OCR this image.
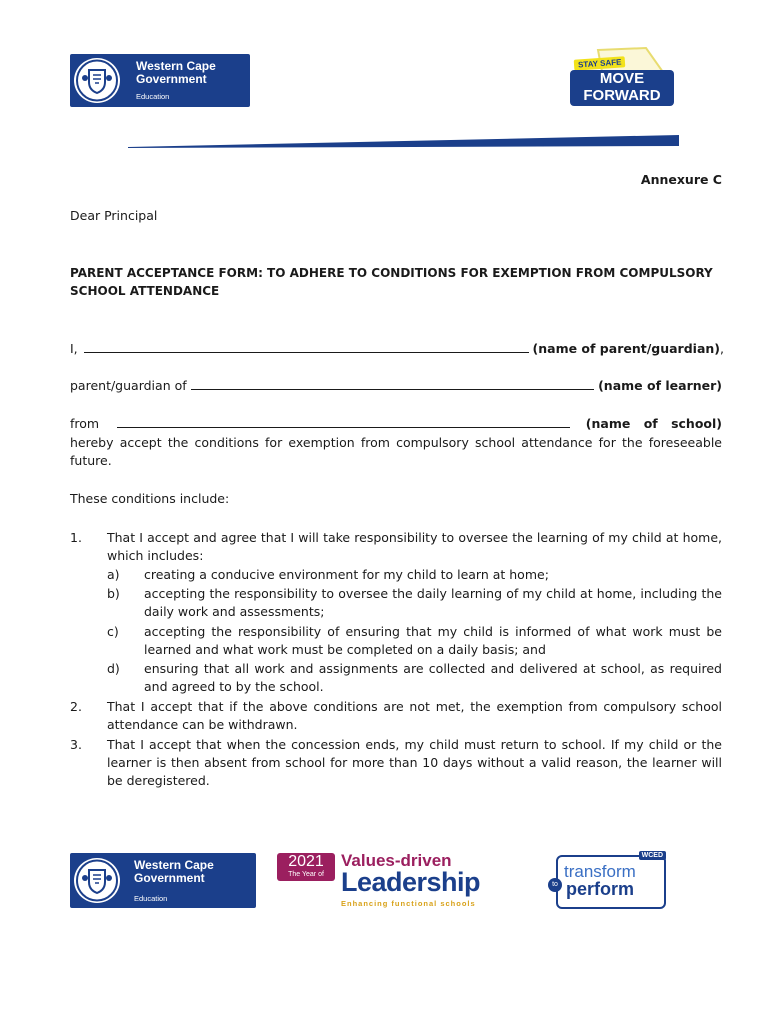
Western Cape
Government
Education
STAY SAFE
MOVE
FORWARD
Annexure C
Dear Principal
PARENT ACCEPTANCE FORM: TO ADHERE TO CONDITIONS FOR EXEMPTION FROM COMPULSORY
SCHOOL ATTENDANCE
I,	(name of parent/guardian) ,
parent/guardian of	(name of learner)
from	(name of school)
hereby accept the conditions for exemption from compulsory school attendance for the foreseeable future.
These conditions include:
1. That I accept and agree that I will take responsibility to oversee the learning of my child at home, which includes:
a) creating a conducive environment for my child to learn at home;
b) accepting the responsibility to oversee the daily learning of my child at home, including the daily work and assessments;
c) accepting the responsibility of ensuring that my child is informed of what work must be learned and what work must be completed on a daily basis; and
d) ensuring that all work and assignments are collected and delivered at school, as required and agreed to by the school.
2. That I accept that if the above conditions are not met, the exemption from compulsory school attendance can be withdrawn.
3. That I accept that when the concession ends, my child must return to school. If my child or the learner is then absent from school for more than 10 days without a valid reason, the learner will be deregistered.
Western Cape
Government
Education
2021
The Year of
Values-driven
Leadership
Enhancing functional schools
WCED
to
transform
perform
